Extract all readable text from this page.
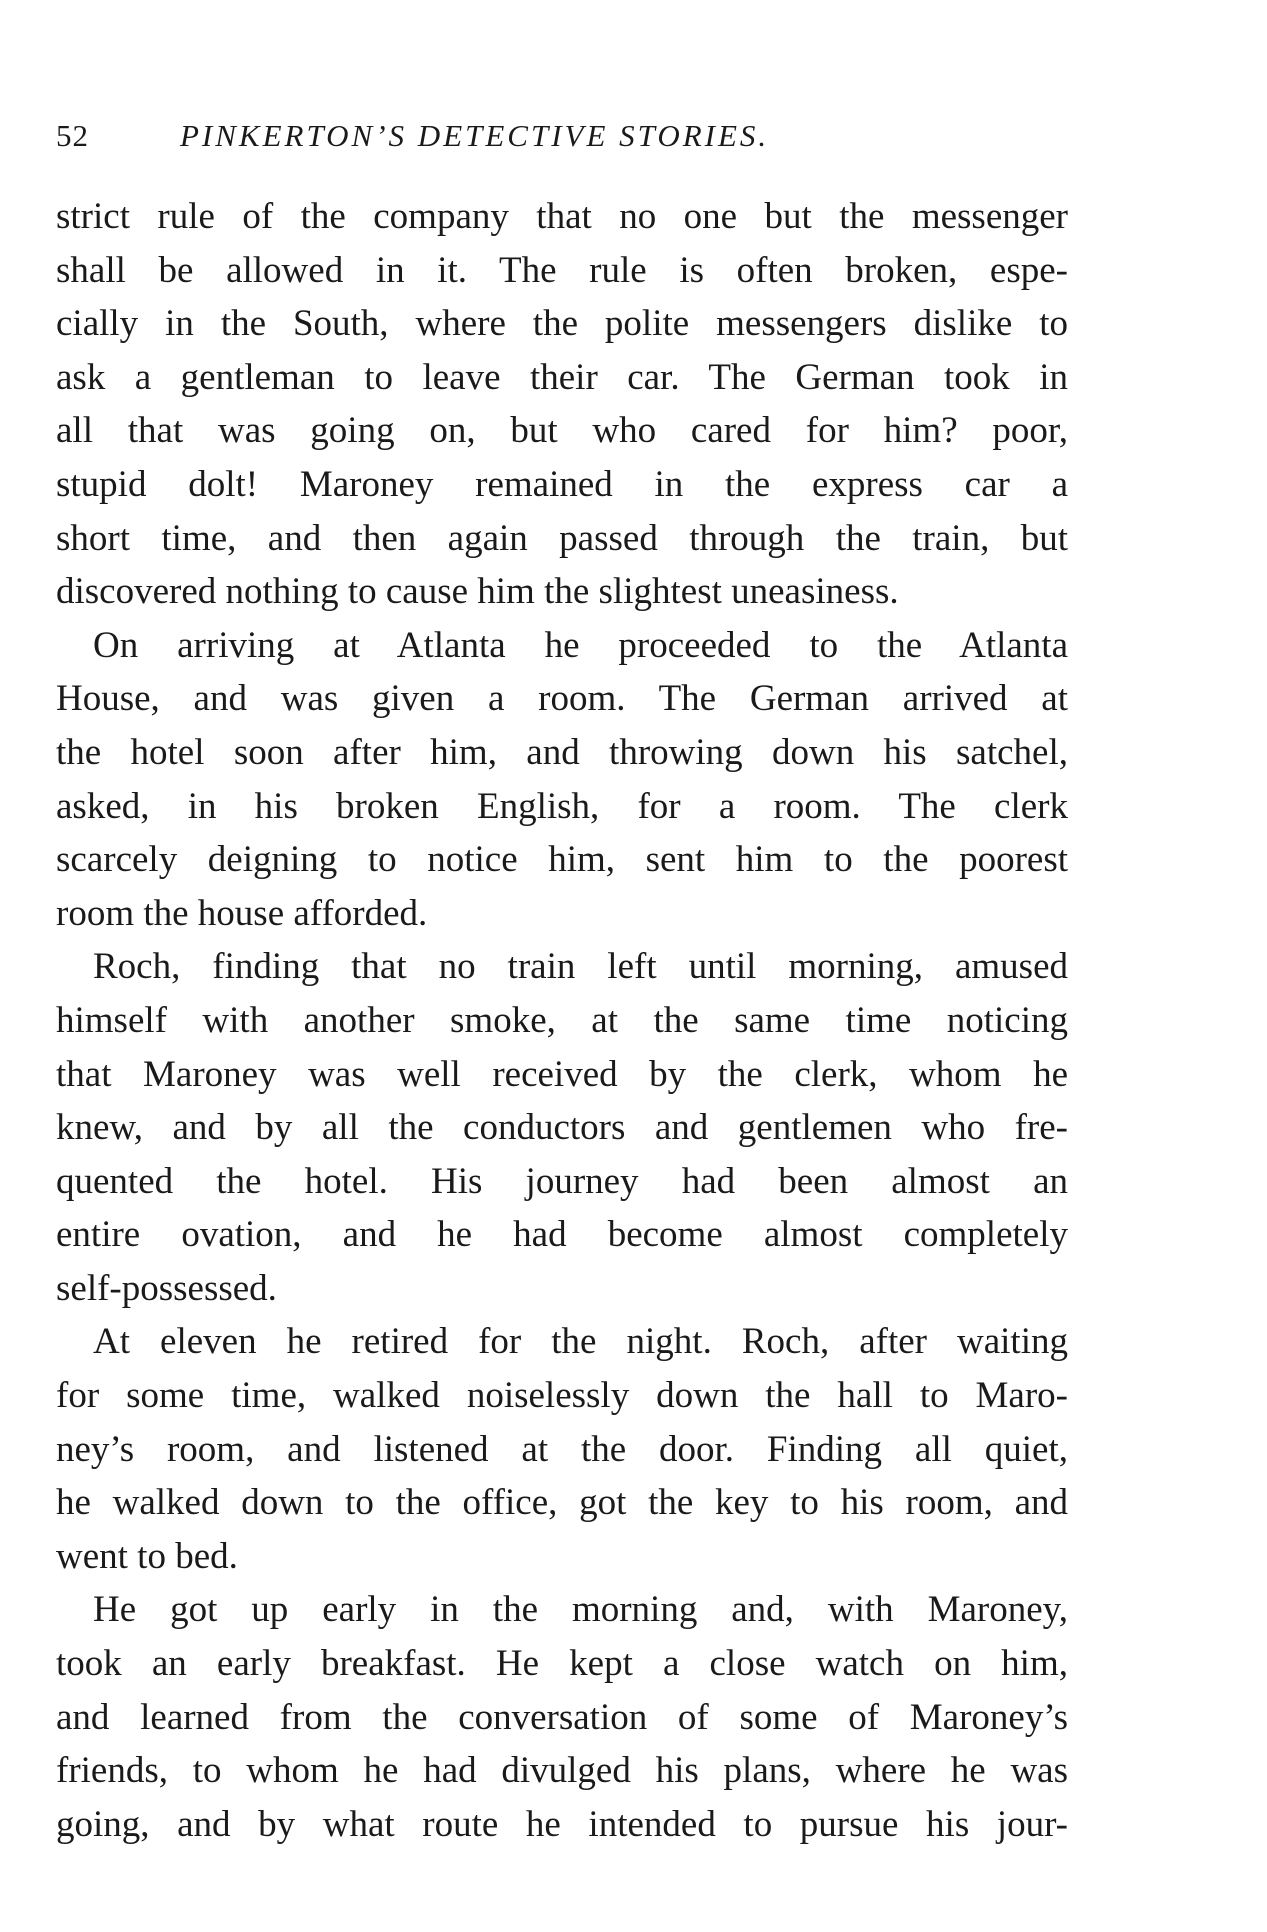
52	PINKERTON’S DETECTIVE STORIES.

strict rule of the company that no one but the messenger

shall be allowed in it. The rule is often broken, espe-

cially in the South, where the polite messengers dislike to

ask a gentleman to leave their car. The German took in

all that was going on, but who cared for him? poor,

stupid dolt! Maroney remained in the express car a

short time, and then again passed through the train, but

discovered nothing to cause him the slightest uneasiness.

On arriving at Atlanta he proceeded to the Atlanta

House, and was given a room. The German arrived at

the hotel soon after him, and throwing down his satchel,

asked, in his broken English, for a room. The clerk

scarcely deigning to notice him, sent him to the poorest

room the house afforded.

Roch, finding that no train left until morning, amused

himself with another smoke, at the same time noticing

that Maroney was well received by the clerk, whom he

knew, and by all the conductors and gentlemen who fre-

quented the hotel. His journey had been almost an

entire ovation, and he had become almost completely

self-possessed.

At eleven he retired for the night. Roch, after waiting

for some time, walked noiselessly down the hall to Maro-

ney’s room, and listened at the door. Finding all quiet,

he walked down to the office, got the key to his room, and

went to bed.

He got up early in the morning and, with Maroney,

took an early breakfast. He kept a close watch on him,

and learned from the conversation of some of Maroney’s

friends, to whom he had divulged his plans, where he was

going, and by what route he intended to pursue his jour-
